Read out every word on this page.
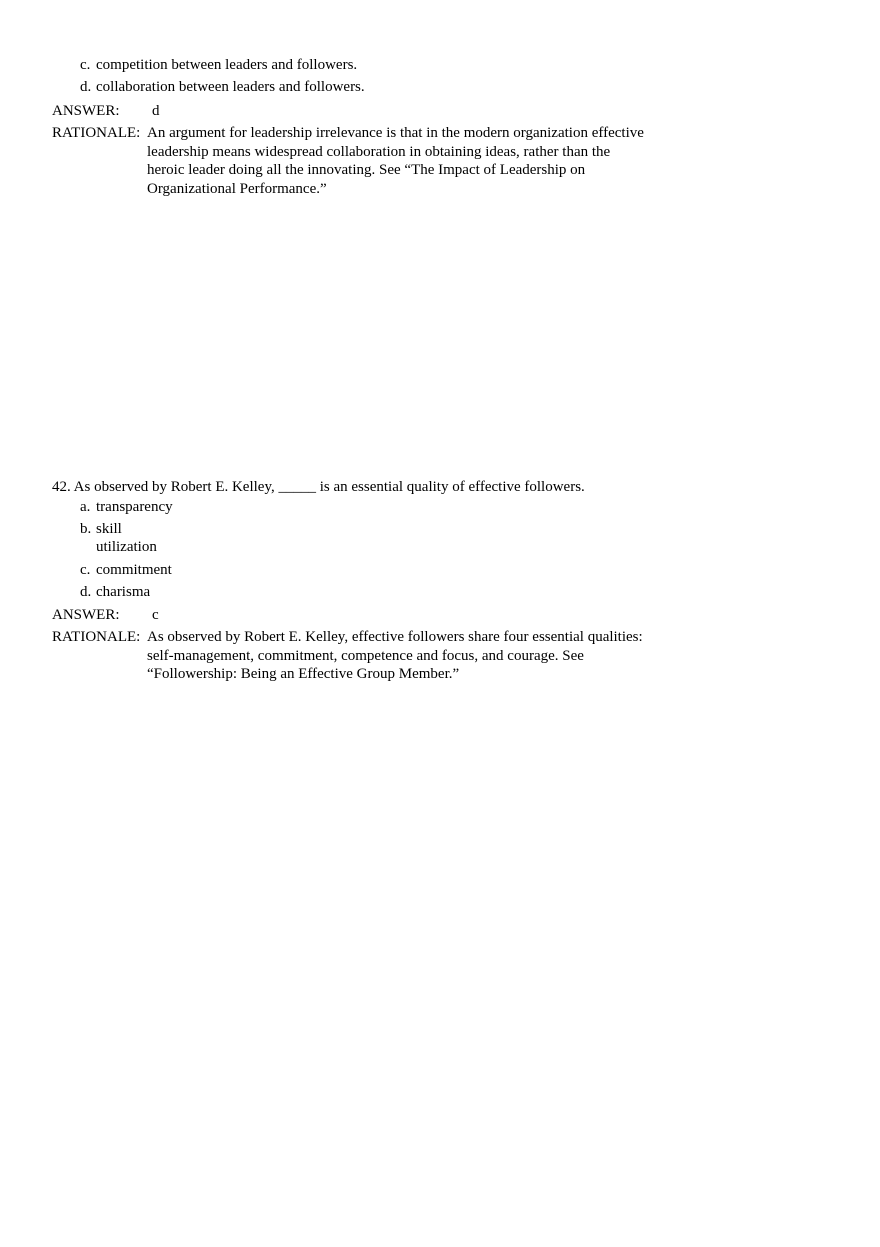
c. competition between leaders and followers.
d. collaboration between leaders and followers.
ANSWER: d
RATIONALE: An argument for leadership irrelevance is that in the modern organization effective
leadership means widespread collaboration in obtaining ideas, rather than the
heroic leader doing all the innovating. See “The Impact of Leadership on
Organizational Performance.”
42. As observed by Robert E. Kelley, _____ is an essential quality of effective followers.
a. transparency
b. skill
utilization
c. commitment
d. charisma
ANSWER: c
RATIONALE: As observed by Robert E. Kelley, effective followers share four essential qualities:
self-management, commitment, competence and focus, and courage. See
“Followership: Being an Effective Group Member.”
